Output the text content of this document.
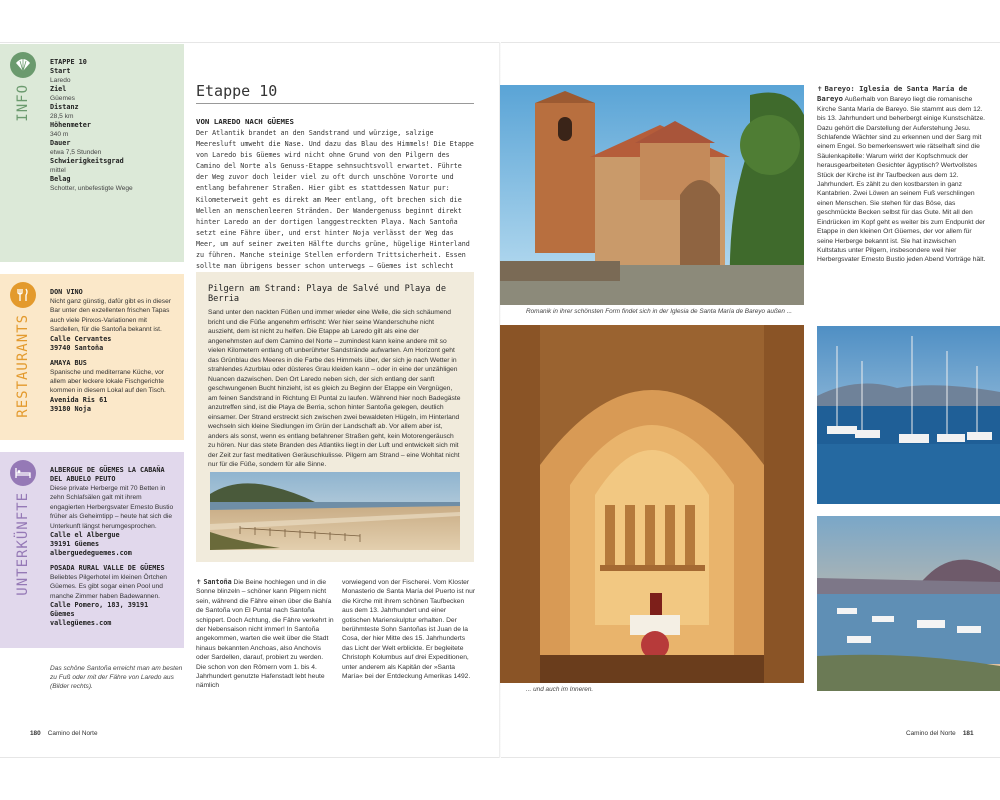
INFO
ETAPPE 10
Start
Laredo
Ziel
Güemes
Distanz
28,5 km
Höhenmeter
340 m
Dauer
etwa 7,5 Stunden
Schwierigkeitsgrad
mittel
Belag
Schotter, unbefestigte Wege
RESTAURANTS
DON VINO
Nicht ganz günstig, dafür gibt es in dieser Bar unter den exzellenten frischen Tapas auch viele Pinxos-Variationen mit Sardellen, für die Santoña bekannt ist.
Calle Cervantes
39740 Santoña
AMAYA BUS
Spanische und mediterrane Küche, vor allem aber leckere lokale Fischgerichte kommen in diesem Lokal auf den Tisch.
Avenida Ris 61
39180 Noja
UNTERKÜNFTE
ALBERGUE DE GÜEMES LA CABAÑA DEL ABUELO PEUTO
Diese private Herberge mit 70 Betten in zehn Schlafsälen galt mit ihrem engagierten Herbergsvater Ernesto Bustio früher als Geheimtipp – heute hat sich die Unterkunft längst herumgesprochen.
Calle el Albergue
39191 Güemes
alberguedeguemes.com
POSADA RURAL VALLE DE GÜEMES
Beliebtes Pilgerhotel im kleinen Örtchen Güemes. Es gibt sogar einen Pool und manche Zimmer haben Badewannen.
Calle Pomero, 183, 39191 Güemes
vallegüemes.com
Das schöne Santoña erreicht man am besten zu Fuß oder mit der Fähre von Laredo aus (Bilder rechts).
Etappe 10
VON LAREDO NACH GÜEMES

Der Atlantik brandet an den Sandstrand und würzige, salzige Meeresluft umweht die Nase. Und dazu das Blau des Himmels! Die Etappe von Laredo bis Güemes wird nicht ohne Grund von den Pilgern des Camino del Norte als Genuss-Etappe sehnsuchtsvoll erwartet. Führte der Weg zuvor doch leider viel zu oft durch unschöne Vororte und entlang befahrener Straßen. Hier gibt es stattdessen Natur pur: Kilometerweit geht es direkt am Meer entlang, oft brechen sich die Wellen an menschenleeren Stränden. Der Wandergenuss beginnt direkt hinter Laredo an der dortigen langgestreckten Playa. Nach Santoña setzt eine Fähre über, und erst hinter Noja verlässt der Weg das Meer, um auf seiner zweiten Hälfte durchs grüne, hügelige Hinterland zu führen. Manche steinige Stellen erfordern Trittsicherheit. Essen sollte man übrigens besser schon unterwegs – Güemes ist schlecht

Pilgern am Strand: Playa de Salvé und Playa de Berria

Sand unter den nackten Füßen und immer wieder eine Welle, die sich schäumend bricht und die Füße angenehm erfrischt: Wer hier seine Wanderschuhe nicht auszieht, dem ist nicht zu helfen. Die Etappe ab Laredo gilt als eine der angenehmsten auf dem Camino del Norte – zumindest kann keine andere mit so vielen Kilometern entlang oft unberührter Sandstrände aufwarten. Am Horizont geht das Grünblau des Meeres in die Farbe des Himmels über, der sich je nach Wetter in strahlendes Azurblau oder düsteres Grau kleiden kann – oder in eine der unzähligen Nuancen dazwischen. Den Ort Laredo neben sich, der sich entlang der sanft geschwungenen Bucht hinzieht, ist es gleich zu Beginn der Etappe ein Vergnügen, am feinen Sandstrand in Richtung El Puntal zu laufen. Während hier noch Badegäste anzutreffen sind, ist die Playa de Berria, schon hinter Santoña gelegen, deutlich einsamer. Der Strand erstreckt sich zwischen zwei bewaldeten Hügeln, im Hinterland wechseln sich kleine Siedlungen im Grün der Landschaft ab. Vor allem aber ist, anders als sonst, wenn es entlang befahrener Straßen geht, kein Motorengeräusch zu hören. Nur das stete Branden des Atlantiks liegt in der Luft und entwickelt sich mit der Zeit zur fast meditativen Geräuschkulisse. Pilgern am Strand – eine Wohltat nicht nur für die Füße, sondern für alle Sinne.

✝ Santoña Die Beine hochlegen und in die Sonne blinzeln – schöner kann Pilgern nicht sein, während die Fähre einen über die Bahía de Santoña von El Puntal nach Santoña schippert. Doch Achtung, die Fähre verkehrt in der Nebensaison nicht immer! In Santoña angekommen, warten die weit über die Stadt hinaus bekannten Anchoas, also Anchovis oder Sardellen, darauf, probiert zu werden. Die schon von den Römern vom 1. bis 4. Jahrhundert genutzte Hafenstadt lebt heute nämlich
vorwiegend von der Fischerei. Vom Kloster Monasterio de Santa María del Puerto ist nur die Kirche mit ihrem schönen Taufbecken aus dem 13. Jahrhundert und einer gotischen Marienskulptur erhalten. Der berühmteste Sohn Santoñas ist Juan de la Cosa, der hier Mitte des 15. Jahrhunderts das Licht der Welt erblickte. Er begleitete Christoph Kolumbus auf drei Expeditionen, unter anderem als Kapitän der »Santa María« bei der Entdeckung Amerikas 1492.
180 Camino del Norte
Romanik in ihrer schönsten Form findet sich in der Iglesia de Santa María de Bareyo außen ...
... und auch im Inneren.
✝ Bareyo: Iglesia de Santa María de Bareyo Außerhalb von Bareyo liegt die romanische Kirche Santa María de Bareyo. Sie stammt aus dem 12. bis 13. Jahrhundert und beherbergt einige Kunstschätze. Dazu gehört die Darstellung der Auferstehung Jesu. Schlafende Wächter sind zu erkennen und der Sarg mit einem Engel. So bemerkenswert wie rätselhaft sind die Säulenkapitelle: Warum wirkt der Kopfschmuck der herausgearbeiteten Gesichter ägyptisch? Wertvollstes Stück der Kirche ist ihr Taufbecken aus dem 12. Jahrhundert. Es zählt zu den kostbarsten in ganz Kantabrien. Zwei Löwen an seinem Fuß verschlingen einen Menschen. Sie stehen für das Böse, das geschmückte Becken selbst für das Gute. Mit all den Eindrücken im Kopf geht es weiter bis zum Endpunkt der Etappe in den kleinen Ort Güemes, der vor allem für seine Herberge bekannt ist. Sie hat inzwischen Kultstatus unter Pilgern, insbesondere weil hier Herbergsvater Ernesto Bustio jeden Abend Vorträge hält.
Camino del Norte 181
